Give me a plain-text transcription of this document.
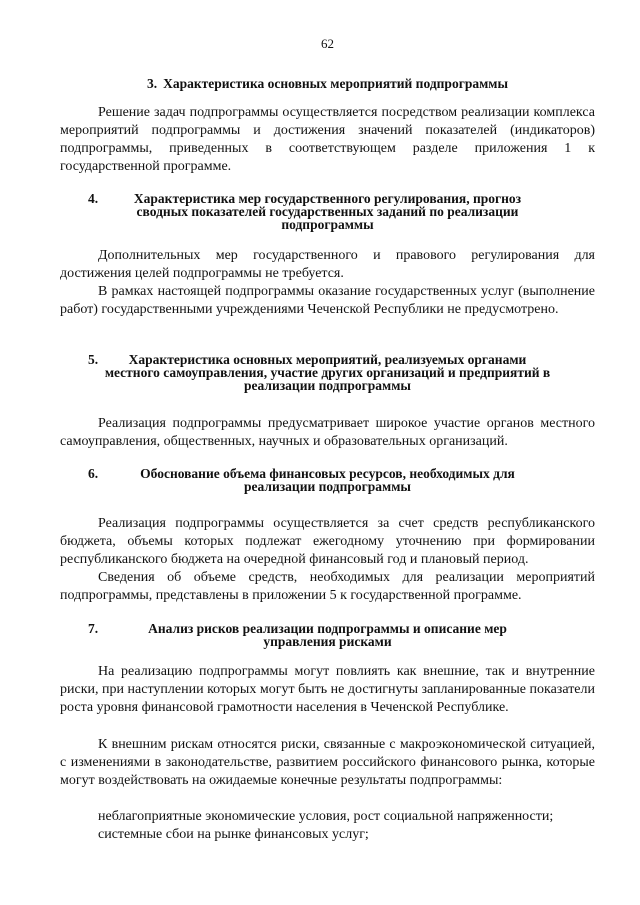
62
3. Характеристика основных мероприятий подпрограммы
Решение задач подпрограммы осуществляется посредством реализации комплекса мероприятий подпрограммы и достижения значений показателей (индикаторов) подпрограммы, приведенных в соответствующем разделе приложения 1 к государственной программе.
4.	Характеристика мер государственного регулирования, прогноз
сводных показателей государственных заданий по реализации
подпрограммы
Дополнительных мер государственного и правового регулирования для достижения целей подпрограммы не требуется.
В рамках настоящей подпрограммы оказание государственных услуг (выполнение работ) государственными учреждениями Чеченской Республики не предусмотрено.
5.	Характеристика основных мероприятий, реализуемых органами
местного самоуправления, участие других организаций и предприятий в
реализации подпрограммы
Реализация подпрограммы предусматривает широкое участие органов местного самоуправления, общественных, научных и образовательных организаций.
6.	Обоснование объема финансовых ресурсов, необходимых для
реализации подпрограммы
Реализация подпрограммы осуществляется за счет средств республиканского бюджета, объемы которых подлежат ежегодному уточнению при формировании республиканского бюджета на очередной финансовый год и плановый период.
Сведения об объеме средств, необходимых для реализации мероприятий подпрограммы, представлены в приложении 5 к государственной программе.
7.	Анализ рисков реализации подпрограммы и описание мер
управления рисками
На реализацию подпрограммы могут повлиять как внешние, так и внутренние риски, при наступлении которых могут быть не достигнуты запланированные показатели роста уровня финансовой грамотности населения в Чеченской Республике.
К внешним рискам относятся риски, связанные с макроэкономической ситуацией, с изменениями в законодательстве, развитием российского финансового рынка, которые могут воздействовать на ожидаемые конечные результаты подпрограммы:
неблагоприятные экономические условия, рост социальной напряженности;
системные сбои на рынке финансовых услуг;
